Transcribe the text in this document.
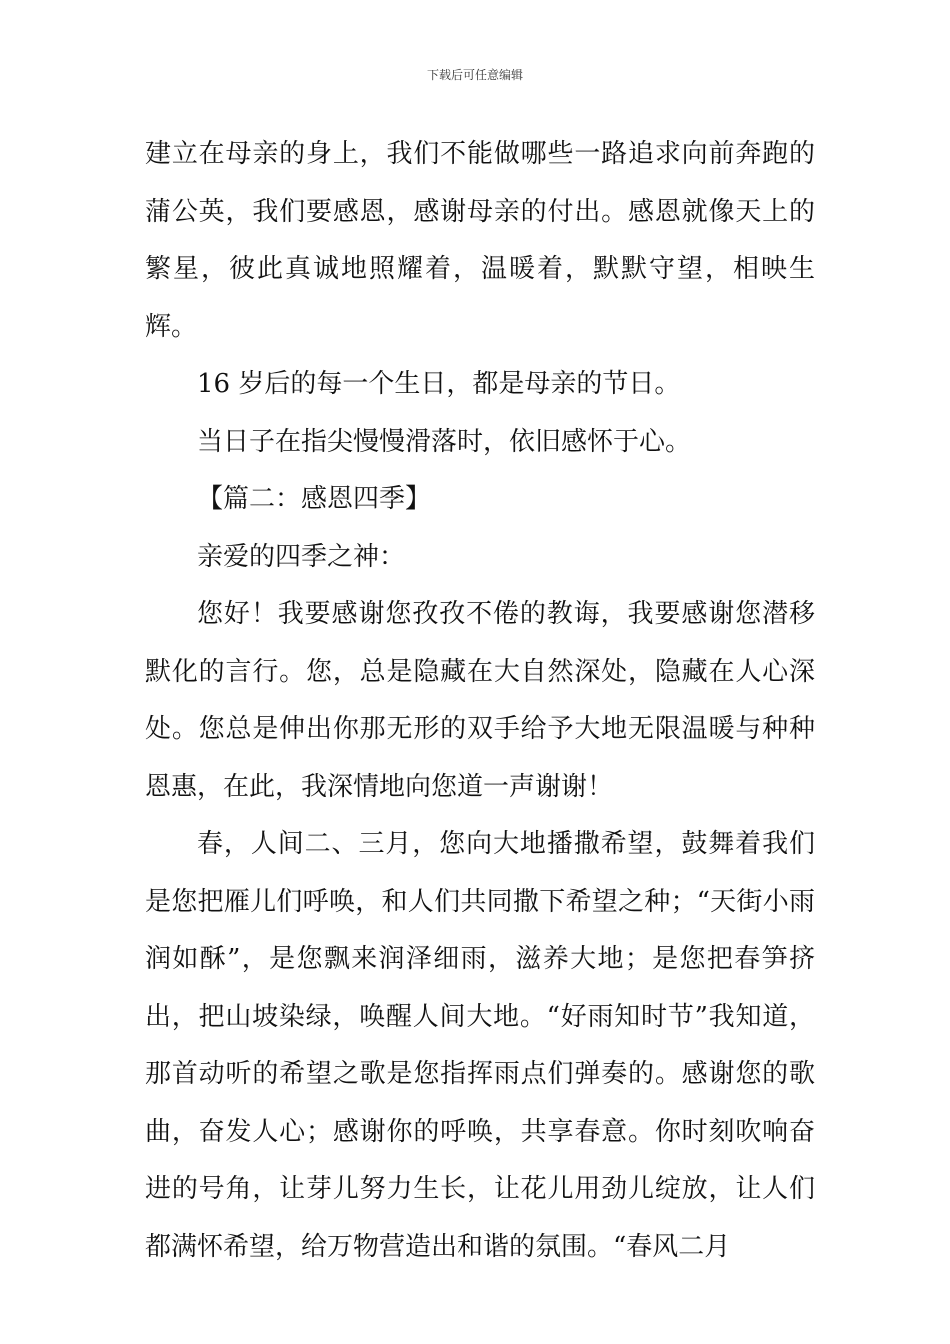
下载后可任意编辑

建立在母亲的身上，我们不能做哪些一路追求向前奔跑的蒲公英，我们要感恩，感谢母亲的付出。感恩就像天上的繁星，彼此真诚地照耀着，温暖着，默默守望，相映生辉。

16 岁后的每一个生日，都是母亲的节日。

当日子在指尖慢慢滑落时，依旧感怀于心。

【篇二：感恩四季】

亲爱的四季之神：

您好！我要感谢您孜孜不倦的教诲，我要感谢您潜移默化的言行。您，总是隐藏在大自然深处，隐藏在人心深处。您总是伸出你那无形的双手给予大地无限温暖与种种恩惠，在此，我深情地向您道一声谢谢！

春，人间二、三月，您向大地播撒希望，鼓舞着我们是您把雁儿们呼唤，和人们共同撒下希望之种；“天街小雨润如酥”，是您飘来润泽细雨，滋养大地；是您把春笋挤出，把山坡染绿，唤醒人间大地。“好雨知时节”我知道，那首动听的希望之歌是您指挥雨点们弹奏的。感谢您的歌曲，奋发人心；感谢你的呼唤，共享春意。你时刻吹响奋进的号角，让芽儿努力生长，让花儿用劲儿绽放，让人们都满怀希望，给万物营造出和谐的氛围。“春风二月
